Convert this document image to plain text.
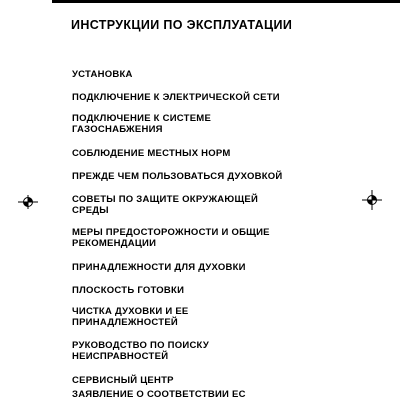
ИНСТРУКЦИИ ПО ЭКСПЛУАТАЦИИ
УСТАНОВКА
ПОДКЛЮЧЕНИЕ К ЭЛЕКТРИЧЕСКОЙ СЕТИ
ПОДКЛЮЧЕНИЕ К СИСТЕМЕ
ГАЗОСНАБЖЕНИЯ
СОБЛЮДЕНИЕ МЕСТНЫХ НОРМ
ПРЕЖДЕ ЧЕМ ПОЛЬЗОВАТЬСЯ ДУХОВКОЙ
СОВЕТЫ ПО ЗАЩИТЕ ОКРУЖАЮЩЕЙ
СРЕДЫ
МЕРЫ ПРЕДОСТОРОЖНОСТИ И ОБЩИЕ
РЕКОМЕНДАЦИИ
ПРИНАДЛЕЖНОСТИ ДЛЯ ДУХОВКИ
ПЛОСКОСТЬ ГОТОВКИ
ЧИСТКА ДУХОВКИ И ЕЕ
ПРИНАДЛЕЖНОСТЕЙ
РУКОВОДСТВО ПО ПОИСКУ
НЕИСПРАВНОСТЕЙ
СЕРВИСНЫЙ ЦЕНТР
ЗАЯВЛЕНИЕ О СООТВЕТСТВИИ ЕС
